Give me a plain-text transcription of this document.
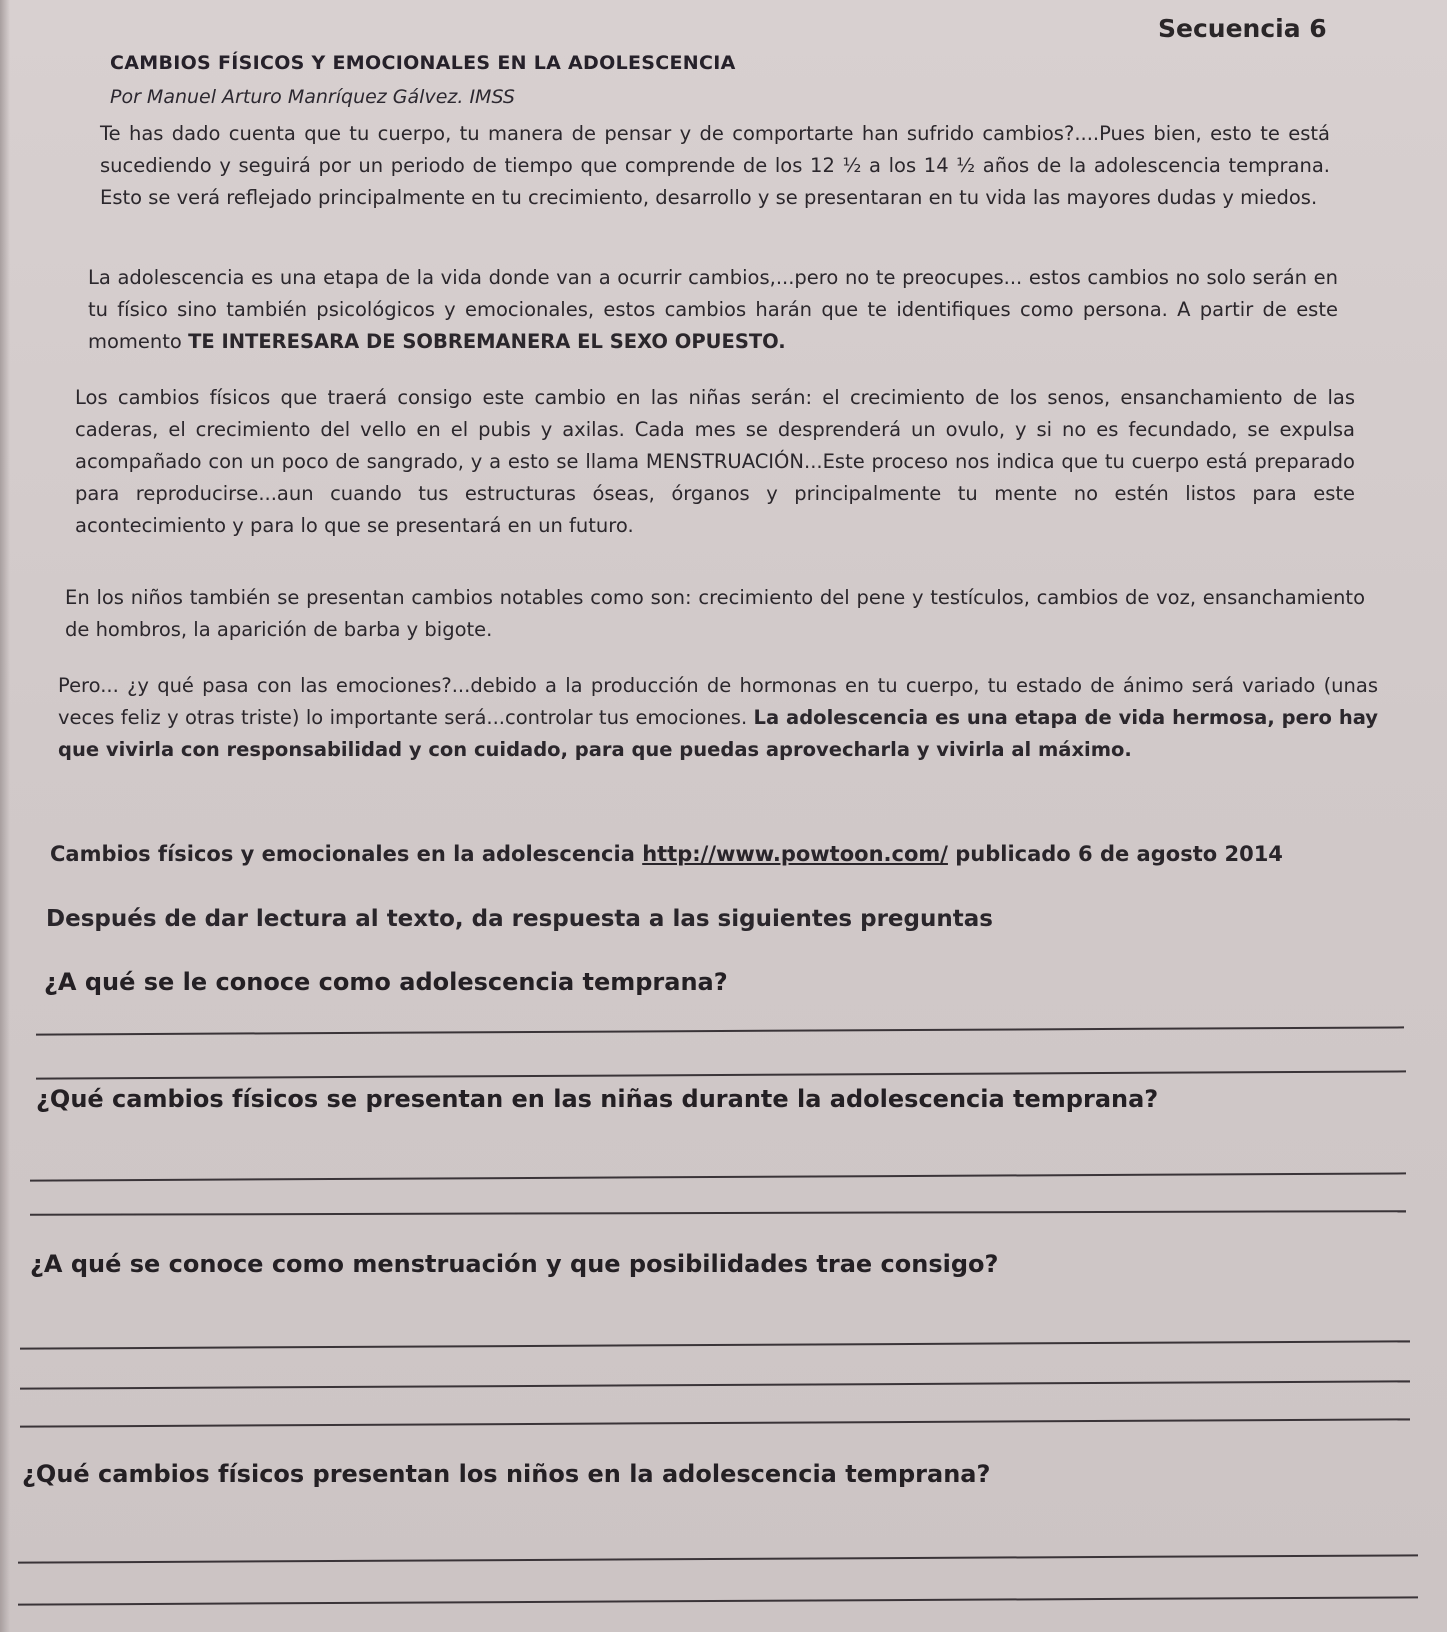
Secuencia 6
CAMBIOS FÍSICOS Y EMOCIONALES EN LA ADOLESCENCIA
Por Manuel Arturo Manríquez Gálvez. IMSS

Te has dado cuenta que tu cuerpo, tu manera de pensar y de comportarte han sufrido cambios?....Pues bien, esto te está sucediendo y seguirá por un periodo de tiempo que comprende de los 12 ½ a los 14 ½ años de la adolescencia temprana. Esto se verá reflejado principalmente en tu crecimiento, desarrollo y se presentaran en tu vida las mayores dudas y miedos.

La adolescencia es una etapa de la vida donde van a ocurrir cambios,...pero no te preocupes... estos cambios no solo serán en tu físico sino también psicológicos y emocionales, estos cambios harán que te identifiques como persona. A partir de este momento TE INTERESARA DE SOBREMANERA EL SEXO OPUESTO.

Los cambios físicos que traerá consigo este cambio en las niñas serán: el crecimiento de los senos, ensanchamiento de las caderas, el crecimiento del vello en el pubis y axilas. Cada mes se desprenderá un ovulo, y si no es fecundado, se expulsa acompañado con un poco de sangrado, y a esto se llama MENSTRUACIÓN...Este proceso nos indica que tu cuerpo está preparado para reproducirse...aun cuando tus estructuras óseas, órganos y principalmente tu mente no estén listos para este acontecimiento y para lo que se presentará en un futuro.

En los niños también se presentan cambios notables como son: crecimiento del pene y testículos, cambios de voz, ensanchamiento de hombros, la aparición de barba y bigote.

Pero... ¿y qué pasa con las emociones?...debido a la producción de hormonas en tu cuerpo, tu estado de ánimo será variado (unas veces feliz y otras triste) lo importante será...controlar tus emociones. La adolescencia es una etapa de vida hermosa, pero hay que vivirla con responsabilidad y con cuidado, para que puedas aprovecharla y vivirla al máximo.

Cambios físicos y emocionales en la adolescencia http://www.powtoon.com/ publicado 6 de agosto 2014
Después de dar lectura al texto, da respuesta a las siguientes preguntas
¿A qué se le conoce como adolescencia temprana?
¿Qué cambios físicos se presentan en las niñas durante la adolescencia temprana?
¿A qué se conoce como menstruación y que posibilidades trae consigo?
¿Qué cambios físicos presentan los niños en la adolescencia temprana?
